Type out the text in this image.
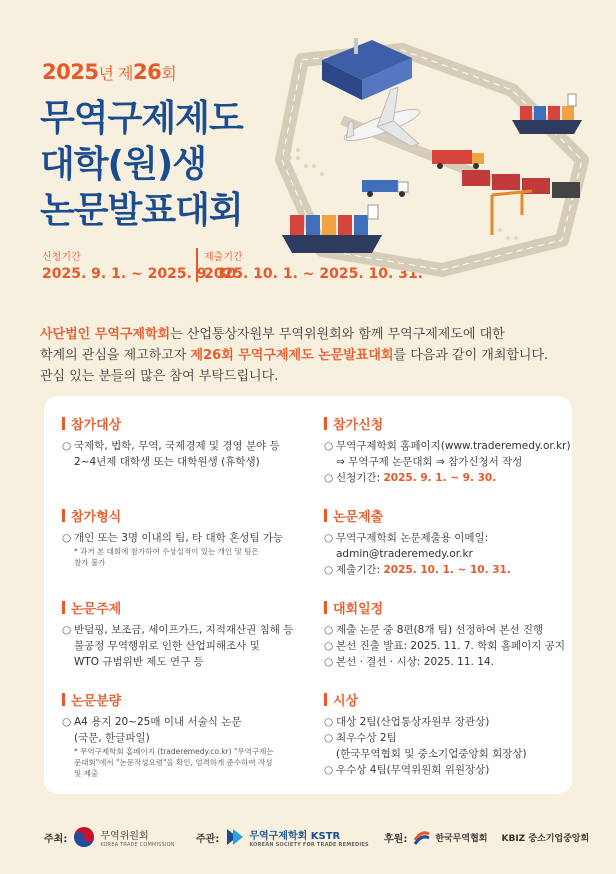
2025년 제26회
무역구제제도
대학(원)생
논문발표대회
신청기간
2025. 9. 1. ~ 2025. 9. 30.
제출기간
2025. 10. 1. ~ 2025. 10. 31.
사단법인 무역구제학회는 산업통상자원부 무역위원회와 함께 무역구제제도에 대한
학계의 관심을 제고하고자 제26회 무역구제제도 논문발표대회를 다음과 같이 개최합니다.
관심 있는 분들의 많은 참여 부탁드립니다.
참가대상
○ 국제학, 법학, 무역, 국제경제 및 경영 분야 등
2~4년제 대학생 또는 대학원생 (휴학생)
참가형식
○ 개인 또는 3명 이내의 팀, 타 대학 혼성팀 가능
* 과거 본 대회에 참가하여 수상실적이 있는 개인 및 팀은
참가 불가
논문주제
○ 반덤핑, 보조금, 세이프가드, 지적재산권 침해 등
불공정 무역행위로 인한 산업피해조사 및
WTO 규범위반 제도 연구 등
논문분량
○ A4 용지 20~25매 이내 서술식 논문
(국문, 한글파일)
* 무역구제학회 홈페이지 (traderemedy.co.kr) "무역구제는
문대회"에서 "논문작성요령"을 확인, 엄격하게 준수하여 작성
및 제출
참가신청
○ 무역구제학회 홈페이지(www.traderemedy.or.kr)
⇒ 무역구제 논문대회 ⇒ 참가신청서 작성
○ 신청기간: 2025. 9. 1. ~ 9. 30.
논문제출
○ 무역구제학회 논문제출용 이메일:
admin@traderemedy.or.kr
○ 제출기간: 2025. 10. 1. ~ 10. 31.
대회일정
○ 제출 논문 중 8편(8개 팀) 선정하여 본선 진행
○ 본선 진출 발표: 2025. 11. 7. 학회 홈페이지 공지
○ 본선 · 결선 · 시상: 2025. 11. 14.
시상
○ 대상 2팀(산업통상자원부 장관상)
○ 최우수상 2팀
(한국무역협회 및 중소기업중앙회 회장상)
○ 우수상 4팀(무역위원회 위원장상)
주최:	무역위원회
KOREA TRADE COMMISSION 주관:	무역구제학회 KSTR
KOREAN SOCIETY FOR TRADE REMEDIES 후원:	한국무역협회 KBIZ 중소기업중앙회
